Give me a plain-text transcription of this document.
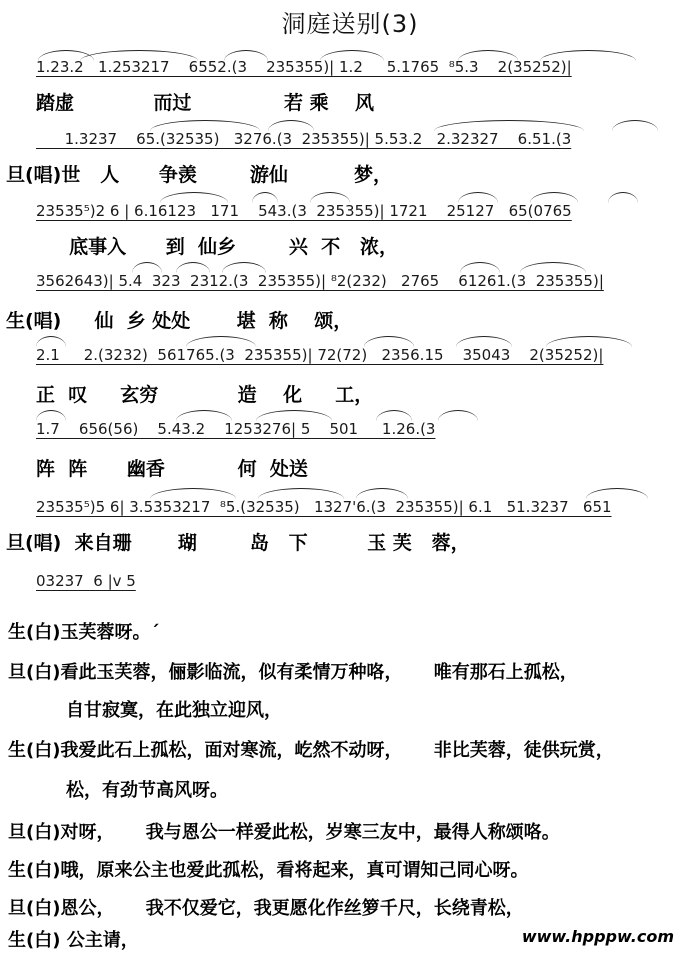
洞庭送别(3)
1.23.2   1.253217    6552.(3    235355)| 1.2     5.1765  ⁸5.3    2(35252)|
踏虚            而过              若 乘    风
1.3237    65.(32535)   3276.(3  235355)| 5.53.2   2.32327    6.51.(3
旦(唱)世   人      争羡        游仙          梦，
23535⁵)2 6 | 6.16123   171    543.(3  235355)| 1721    25127   65(0765
底事入      到  仙乡        兴  不   浓，
3562643)| 5.4  323  2312.(3  235355)| ⁸2(232)   2765    61261.(3  235355)|
生(唱)     仙  乡 处处       堪  称    颂，
2.1     2.(3232)  561765.(3  235355)| 72(72)   2356.15    35043    2(35252)|
正  叹     玄穷            造    化     工，
1.7    656(56)    5.43.2    1253276| 5    501     1.26.(3
阵  阵      幽香           何  处送
23535⁵)5 6| 3.5353217  ⁸5.(32535)   1327'6.(3  235355)| 6.1   51.3237   651
旦(唱)  来自珊       瑚        岛   下         玉 芙   蓉，
03237  6 |v 5
生(白)玉芙蓉呀。ˊ
旦(白)看此玉芙蓉，俪影临流，似有柔情万种咯，     唯有那石上孤松，
自甘寂寞，在此独立迎风，
生(白)我爱此石上孤松，面对寒流，屹然不动呀，     非比芙蓉，徒供玩赏，
松，有劲节高风呀。
旦(白)对呀，     我与恩公一样爱此松，岁寒三友中，最得人称颂咯。
生(白)哦，原来公主也爱此孤松，看将起来，真可谓知己同心呀。
旦(白)恩公，     我不仅爱它，我更愿化作丝箩千尺，长绕青松，
生(白) 公主请，	www.hpppw.com
